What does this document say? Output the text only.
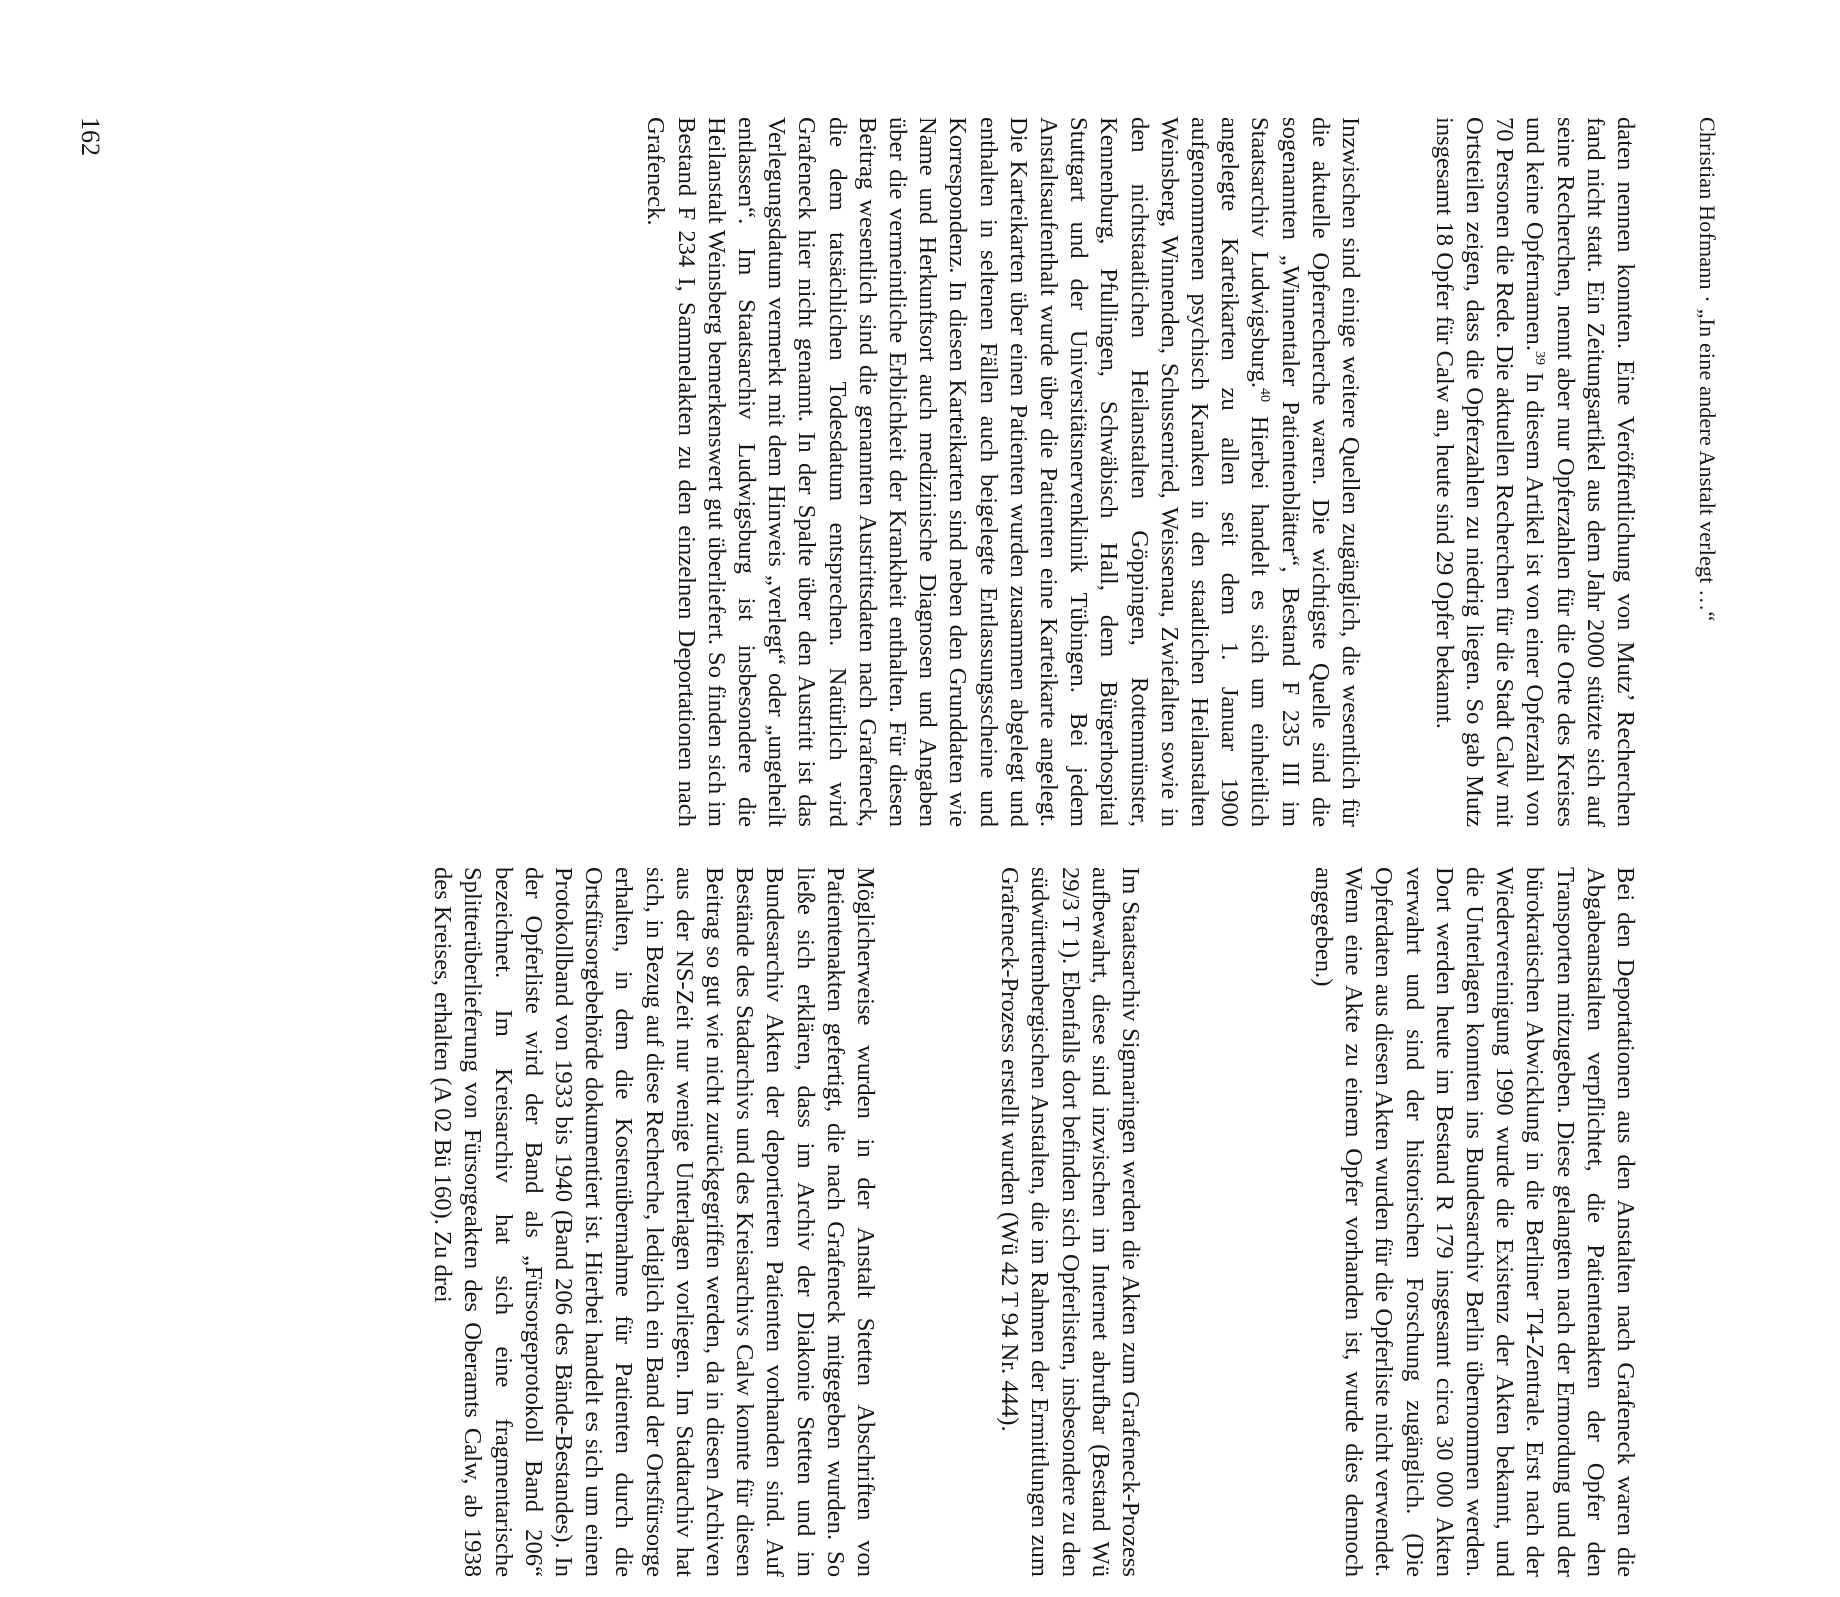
Christian Hofmann · „In eine andere Anstalt verlegt …“

daten nennen konnten. Eine Veröffentlichung von Mutz’ Recherchen fand nicht statt. Ein Zeitungsartikel aus dem Jahr 2000 stützte sich auf seine Recherchen, nennt aber nur Opferzahlen für die Orte des Kreises und keine Opfernamen.$^{39}$ In diesem Artikel ist von einer Opferzahl von 70 Personen die Rede. Die aktuellen Recherchen für die Stadt Calw mit Ortsteilen zeigen, dass die Opferzahlen zu niedrig liegen. So gab Mutz insgesamt 18 Opfer für Calw an, heute sind 29 Opfer bekannt.

Inzwischen sind einige weitere Quellen zugänglich, die wesentlich für die aktuelle Opferrecherche waren. Die wichtigste Quelle sind die sogenannten „Winnentaler Patientenblätter“, Bestand F 235 III im Staatsarchiv Ludwigsburg.$^{40}$ Hierbei handelt es sich um einheitlich angelegte Karteikarten zu allen seit dem 1. Januar 1900 aufgenommenen psychisch Kranken in den staatlichen Heilanstalten Weinsberg, Winnenden, Schussenried, Weissenau, Zwiefalten sowie in den nichtstaatlichen Heilanstalten Göppingen, Rottenmünster, Kennenburg, Pfullingen, Schwäbisch Hall, dem Bürgerhospital Stuttgart und der Universitätsnervenklinik Tübingen. Bei jedem Anstaltsaufenthalt wurde über die Patienten eine Karteikarte angelegt. Die Karteikarten über einen Patienten wurden zusammen abgelegt und enthalten in seltenen Fällen auch beigelegte Entlassungsscheine und Korrespondenz. In diesen Karteikarten sind neben den Grunddaten wie Name und Herkunftsort auch medizinische Diagnosen und Angaben über die vermeintliche Erblichkeit der Krankheit enthalten. Für diesen Beitrag wesentlich sind die genannten Austrittsdaten nach Grafeneck, die dem tatsächlichen Todesdatum entsprechen. Natürlich wird Grafeneck hier nicht genannt. In der Spalte über den Austritt ist das Verlegungsdatum vermerkt mit dem Hinweis „verlegt“ oder „ungeheilt entlassen“. Im Staatsarchiv Ludwigsburg ist insbesondere die Heilanstalt Weinsberg bemerkenswert gut überliefert. So finden sich im Bestand F 234 I, Sammelakten zu den einzelnen Deportationen nach Grafeneck.

Bei den Deportationen aus den Anstalten nach Grafeneck waren die Abgabeanstalten verpflichtet, die Patientenakten der Opfer den Transporten mitzugeben. Diese gelangten nach der Ermordung und der bürokratischen Abwicklung in die Berliner T4-Zentrale. Erst nach der Wiedervereinigung 1990 wurde die Existenz der Akten bekannt, und die Unterlagen konnten ins Bundesarchiv Berlin übernommen werden. Dort werden heute im Bestand R 179 insgesamt circa 30 000 Akten verwahrt und sind der historischen Forschung zugänglich. (Die Opferdaten aus diesen Akten wurden für die Opferliste nicht verwendet. Wenn eine Akte zu einem Opfer vorhanden ist, wurde dies dennoch angegeben.)

Im Staatsarchiv Sigmaringen werden die Akten zum Grafeneck-Prozess aufbewahrt, diese sind inzwischen im Internet abrufbar (Bestand Wü 29/3 T 1). Ebenfalls dort befinden sich Opferlisten, insbesondere zu den südwürttembergischen Anstalten, die im Rahmen der Ermittlungen zum Grafeneck-Prozess erstellt wurden (Wü 42 T 94 Nr. 444).

Möglicherweise wurden in der Anstalt Stetten Abschriften von Patientenakten gefertigt, die nach Grafeneck mitgegeben wurden. So ließe sich erklären, dass im Archiv der Diakonie Stetten und im Bundesarchiv Akten der deportierten Patienten vorhanden sind. Auf Bestände des Stadarchivs und des Kreisarchivs Calw konnte für diesen Beitrag so gut wie nicht zurückgegriffen werden, da in diesen Archiven aus der NS-Zeit nur wenige Unterlagen vorliegen. Im Stadtarchiv hat sich, in Bezug auf diese Recherche, lediglich ein Band der Ortsfürsorge erhalten, in dem die Kostenübernahme für Patienten durch die Ortsfürsorgebehörde dokumentiert ist. Hierbei handelt es sich um einen Protokollband von 1933 bis 1940 (Band 206 des Bände-Bestandes). In der Opferliste wird der Band als „Fürsorgeprotokoll Band 206“ bezeichnet. Im Kreisarchiv hat sich eine fragmentarische Splitterüberlieferung von Fürsorgeakten des Oberamts Calw, ab 1938 des Kreises, erhalten (A 02 Bü 160). Zu drei

162
